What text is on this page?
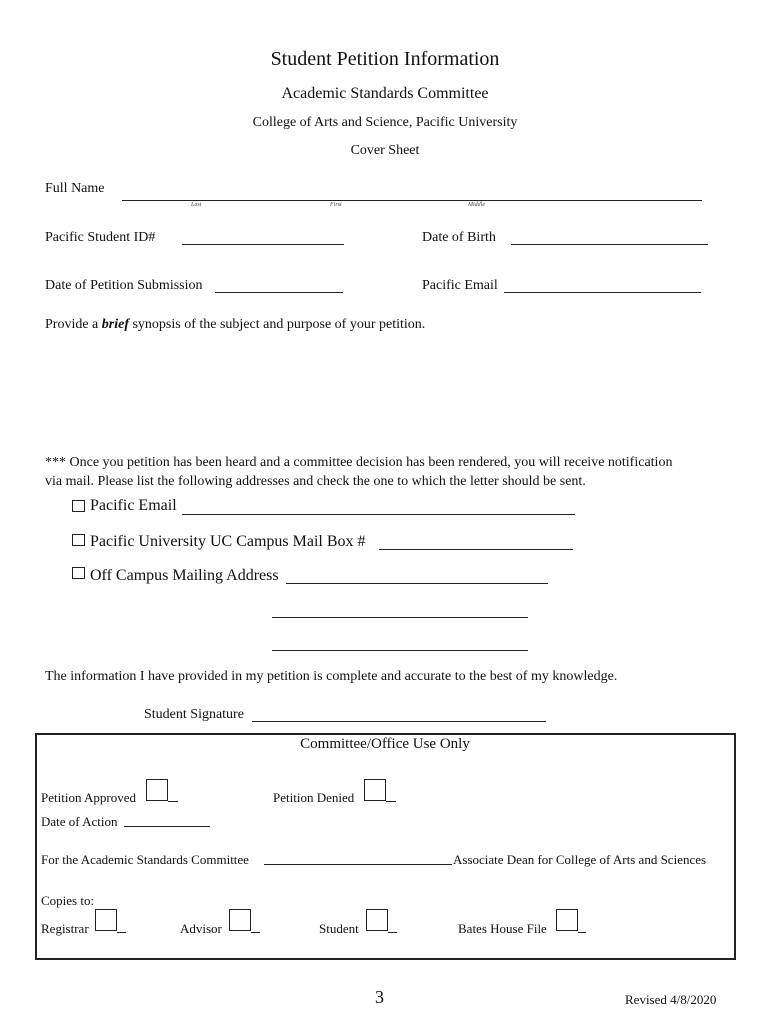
Student Petition Information
Academic Standards Committee
College of Arts and Science, Pacific University
Cover Sheet
Full Name
Last	First	Middle
Pacific Student ID#	Date of Birth
Date of Petition Submission	Pacific Email
Provide a brief synopsis of the subject and purpose of your petition.
*** Once you petition has been heard and a committee decision has been rendered, you will receive notification
via mail. Please list the following addresses and check the one to which the letter should be sent.
Pacific Email
Pacific University UC Campus Mail Box #
Off Campus Mailing Address
The information I have provided in my petition is complete and accurate to the best of my knowledge.
Student Signature
Committee/Office Use Only
Petition Approved	Petition Denied
Date of Action
For the Academic Standards Committee	Associate Dean for College of Arts and Sciences
Copies to:
Registrar	Advisor	Student	Bates House File
3	Revised 4/8/2020
